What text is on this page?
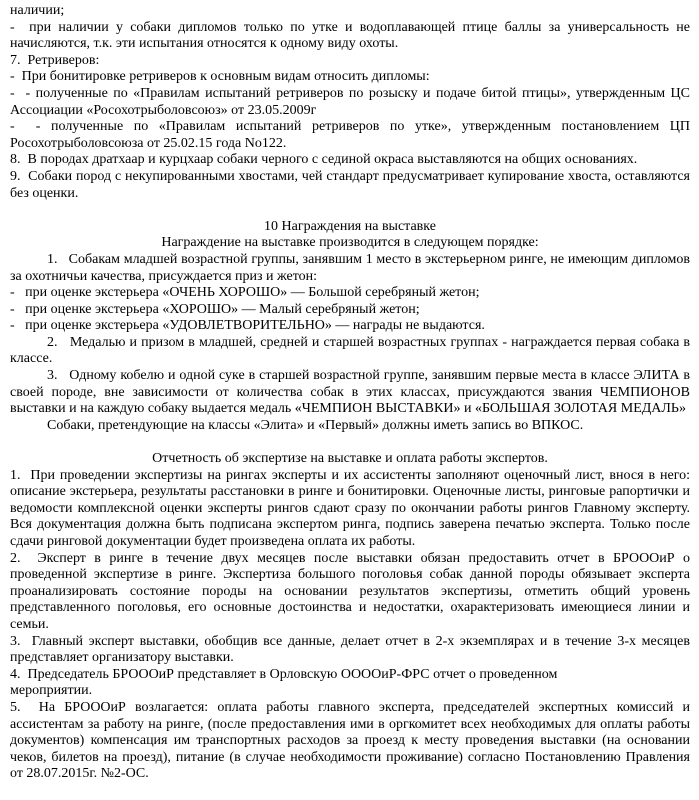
наличии;

-  при наличии у собаки дипломов только по утке и водоплавающей птице баллы за универсальность не начисляются, т.к. эти испытания относятся к одному виду охоты.

7.  Ретриверов:

-  При бонитировке ретриверов к основным видам относить дипломы:

-  - полученные по «Правилам испытаний ретриверов по розыску и подаче битой птицы», утвержденным ЦС Ассоциации «Росохотрыболовсоюз» от 23.05.2009г

-  - полученные по «Правилам испытаний ретриверов по утке», утвержденным постановлением ЦП Росохотрыболовсоюза от 25.02.15 года No122.

8.  В породах дратхаар и курцхаар собаки черного с сединой окраса выставляются на общих основаниях.

9.  Собаки пород с некупированными хвостами, чей стандарт предусматривает купирование хвоста, оставляются без оценки.

10 Награждения на выставке

Награждение на выставке производится в следующем порядке:

1.   Собакам младшей возрастной группы, занявшим 1 место в экстерьерном ринге, не имеющим дипломов за охотничьи качества, присуждается приз и жетон:

-   при оценке экстерьера «ОЧЕНЬ ХОРОШО» — Большой серебряный жетон;

-   при оценке экстерьера «ХОРОШО» — Малый серебряный жетон;

-   при оценке экстерьера «УДОВЛЕТВОРИТЕЛЬНО» — награды не выдаются.

2.   Медалью и призом в младшей, средней и старшей возрастных группах - награждается первая собака в классе.

3.   Одному кобелю и одной суке в старшей возрастной группе, занявшим первые места в классе ЭЛИТА в своей породе, вне зависимости от количества собак в этих классах, присуждаются звания ЧЕМПИОНОВ выставки и на каждую собаку выдается медаль «ЧЕМПИОН ВЫСТАВКИ» и «БОЛЬШАЯ ЗОЛОТАЯ МЕДАЛЬ»

Собаки, претендующие на классы «Элита» и «Первый» должны иметь запись во ВПКОС.

Отчетность об экспертизе на выставке и оплата работы экспертов.

1.  При проведении экспертизы на рингах эксперты и их ассистенты заполняют оценочный лист, внося в него: описание экстерьера, результаты расстановки в ринге и бонитировки. Оценочные листы, ринговые рапортички и ведомости комплексной оценки эксперты рингов сдают сразу по окончании работы рингов Главному эксперту. Вся документация должна быть подписана экспертом ринга, подпись заверена печатью эксперта. Только после сдачи ринговой документации будет произведена оплата их работы.

2.  Эксперт в ринге в течение двух месяцев после выставки обязан предоставить отчет в БРОООиР о проведенной экспертизе в ринге. Экспертиза большого поголовья собак данной породы обязывает эксперта проанализировать состояние породы на основании результатов экспертизы, отметить общий уровень представленного поголовья, его основные достоинства и недостатки, охарактеризовать имеющиеся линии и семьи.

3.  Главный эксперт выставки, обобщив все данные, делает отчет в 2-х экземплярах и в течение 3-х месяцев представляет организатору выставки.

4.  Председатель БРОООиР представляет в Орловскую ООООиР-ФРС отчет о проведенном

мероприятии.

5.  На БРОООиР возлагается: оплата работы главного эксперта, председателей экспертных комиссий и ассистентам за работу на ринге, (после предоставления ими в оргкомитет всех необходимых для оплаты работы документов) компенсация им транспортных расходов за проезд к месту проведения выставки (на основании чеков, билетов на проезд), питание (в случае необходимости проживание) согласно Постановлению Правления от 28.07.2015г. №2-ОС.
